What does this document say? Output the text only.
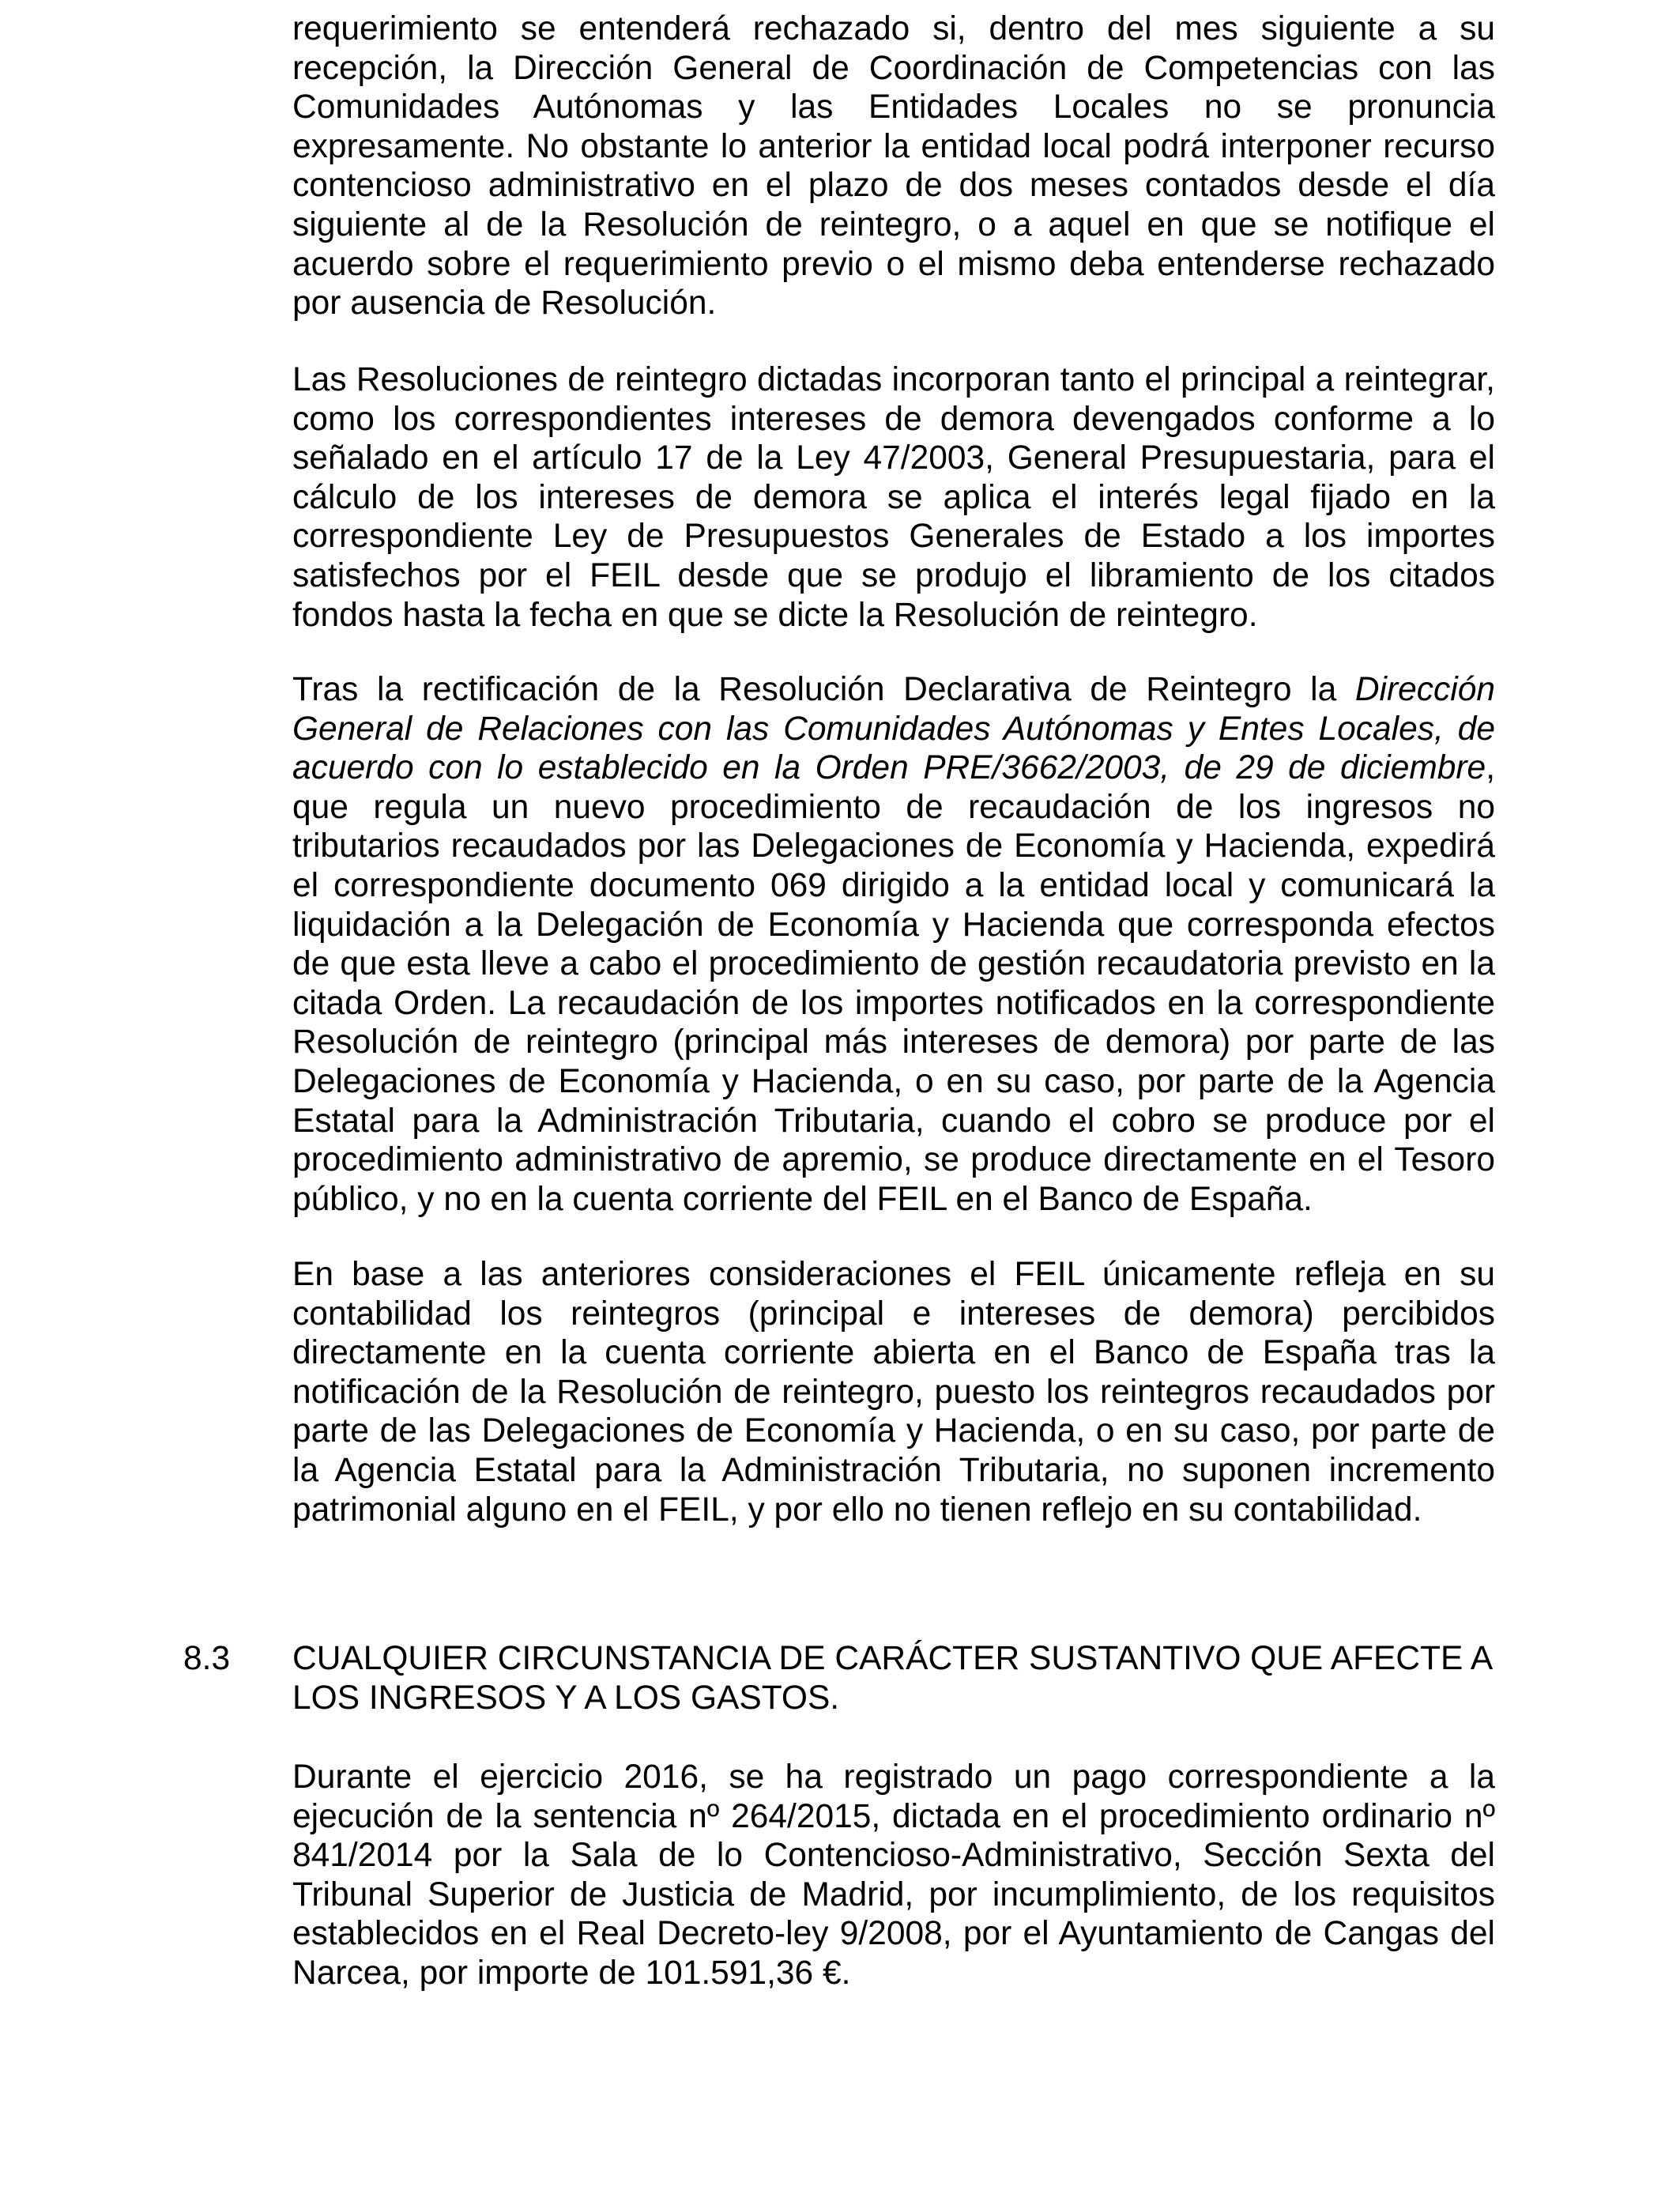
requerimiento se entenderá rechazado si, dentro del mes siguiente a su recepción, la Dirección General de Coordinación de Competencias con las Comunidades Autónomas y las Entidades Locales no se pronuncia expresamente. No obstante lo anterior la entidad local podrá interponer recurso contencioso administrativo en el plazo de dos meses contados desde el día siguiente al de la Resolución de reintegro, o a aquel en que se notifique el acuerdo sobre el requerimiento previo o el mismo deba entenderse rechazado por ausencia de Resolución.

Las Resoluciones de reintegro dictadas incorporan tanto el principal a reintegrar, como los correspondientes intereses de demora devengados conforme a lo señalado en el artículo 17 de la Ley 47/2003, General Presupuestaria, para el cálculo de los intereses de demora se aplica el interés legal fijado en la correspondiente Ley de Presupuestos Generales de Estado a los importes satisfechos por el FEIL desde que se produjo el libramiento de los citados fondos hasta la fecha en que se dicte la Resolución de reintegro.

Tras la rectificación de la Resolución Declarativa de Reintegro la Dirección General de Relaciones con las Comunidades Autónomas y Entes Locales, de acuerdo con lo establecido en la Orden PRE/3662/2003, de 29 de diciembre, que regula un nuevo procedimiento de recaudación de los ingresos no tributarios recaudados por las Delegaciones de Economía y Hacienda, expedirá el correspondiente documento 069 dirigido a la entidad local y comunicará la liquidación a la Delegación de Economía y Hacienda que corresponda efectos de que esta lleve a cabo el procedimiento de gestión recaudatoria previsto en la citada Orden. La recaudación de los importes notificados en la correspondiente Resolución de reintegro (principal más intereses de demora) por parte de las Delegaciones de Economía y Hacienda, o en su caso, por parte de la Agencia Estatal para la Administración Tributaria, cuando el cobro se produce por el procedimiento administrativo de apremio, se produce directamente en el Tesoro público, y no en la cuenta corriente del FEIL en el Banco de España.

En base a las anteriores consideraciones el FEIL únicamente refleja en su contabilidad los reintegros (principal e intereses de demora) percibidos directamente en la cuenta corriente abierta en el Banco de España tras la notificación de la Resolución de reintegro, puesto los reintegros recaudados por parte de las Delegaciones de Economía y Hacienda, o en su caso, por parte de la Agencia Estatal para la Administración Tributaria, no suponen incremento patrimonial alguno en el FEIL, y por ello no tienen reflejo en su contabilidad.

8.3 CUALQUIER CIRCUNSTANCIA DE CARÁCTER SUSTANTIVO QUE AFECTE A LOS INGRESOS Y A LOS GASTOS.

Durante el ejercicio 2016, se ha registrado un pago correspondiente a la ejecución de la sentencia nº 264/2015, dictada en el procedimiento ordinario nº 841/2014 por la Sala de lo Contencioso-Administrativo, Sección Sexta del Tribunal Superior de Justicia de Madrid, por incumplimiento, de los requisitos establecidos en el Real Decreto-ley 9/2008, por el Ayuntamiento de Cangas del Narcea, por importe de 101.591,36 €.
